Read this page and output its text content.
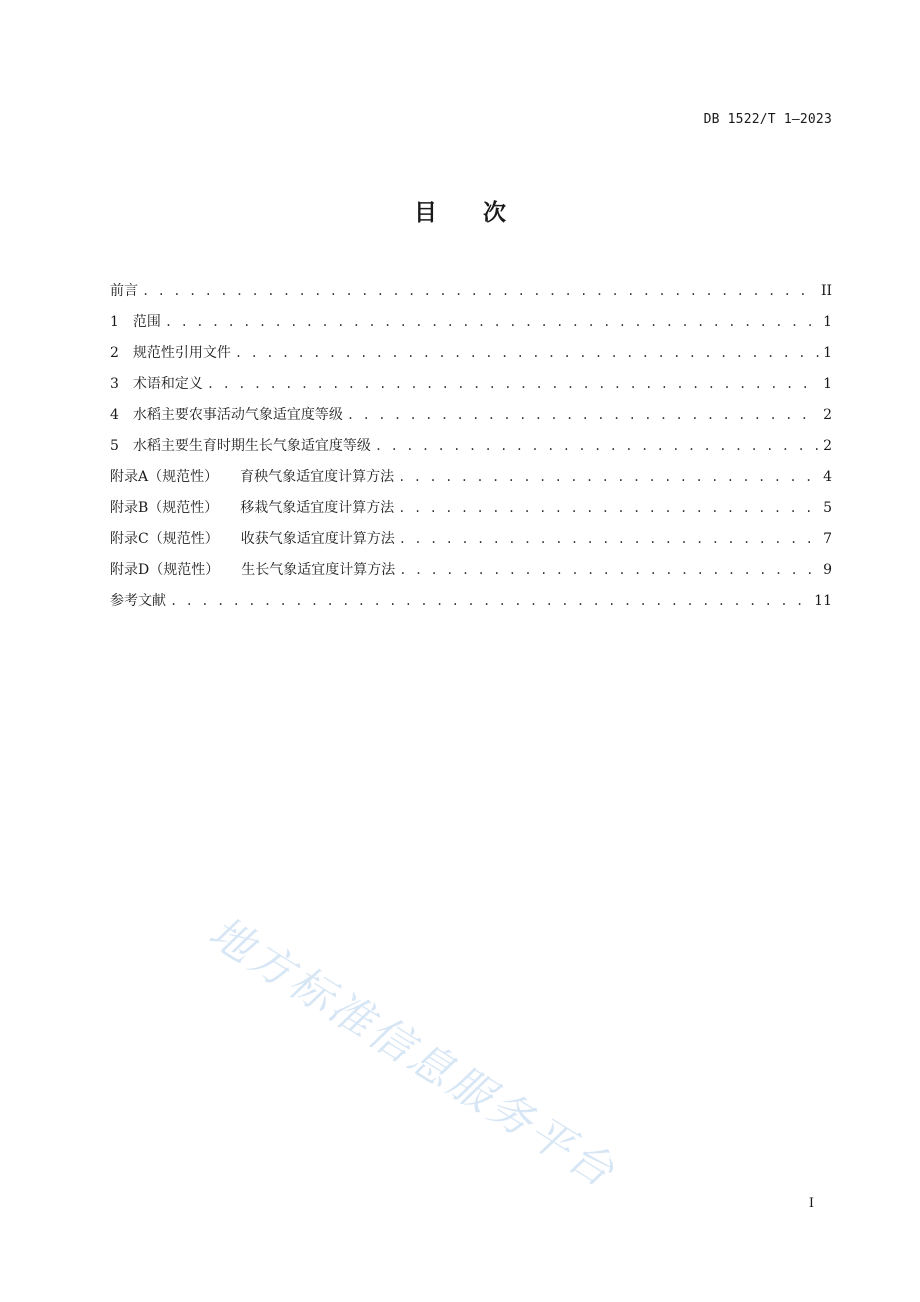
DB 1522/T 1—2023
目　　次
前言 . . .	II
1 范围 . . .	1
2 规范性引用文件 . . .	1
3 术语和定义 . . .	1
4 水稻主要农事活动气象适宜度等级 . . .	2
5 水稻主要生育时期生长气象适宜度等级 . . .	2
附录A（规范性） 育秧气象适宜度计算方法 . . .	4
附录B（规范性） 移栽气象适宜度计算方法 . . .	5
附录C（规范性） 收获气象适宜度计算方法 . . .	7
附录D（规范性） 生长气象适宜度计算方法 . . .	9
参考文献 . . .	11
地方标准信息服务平台
I
